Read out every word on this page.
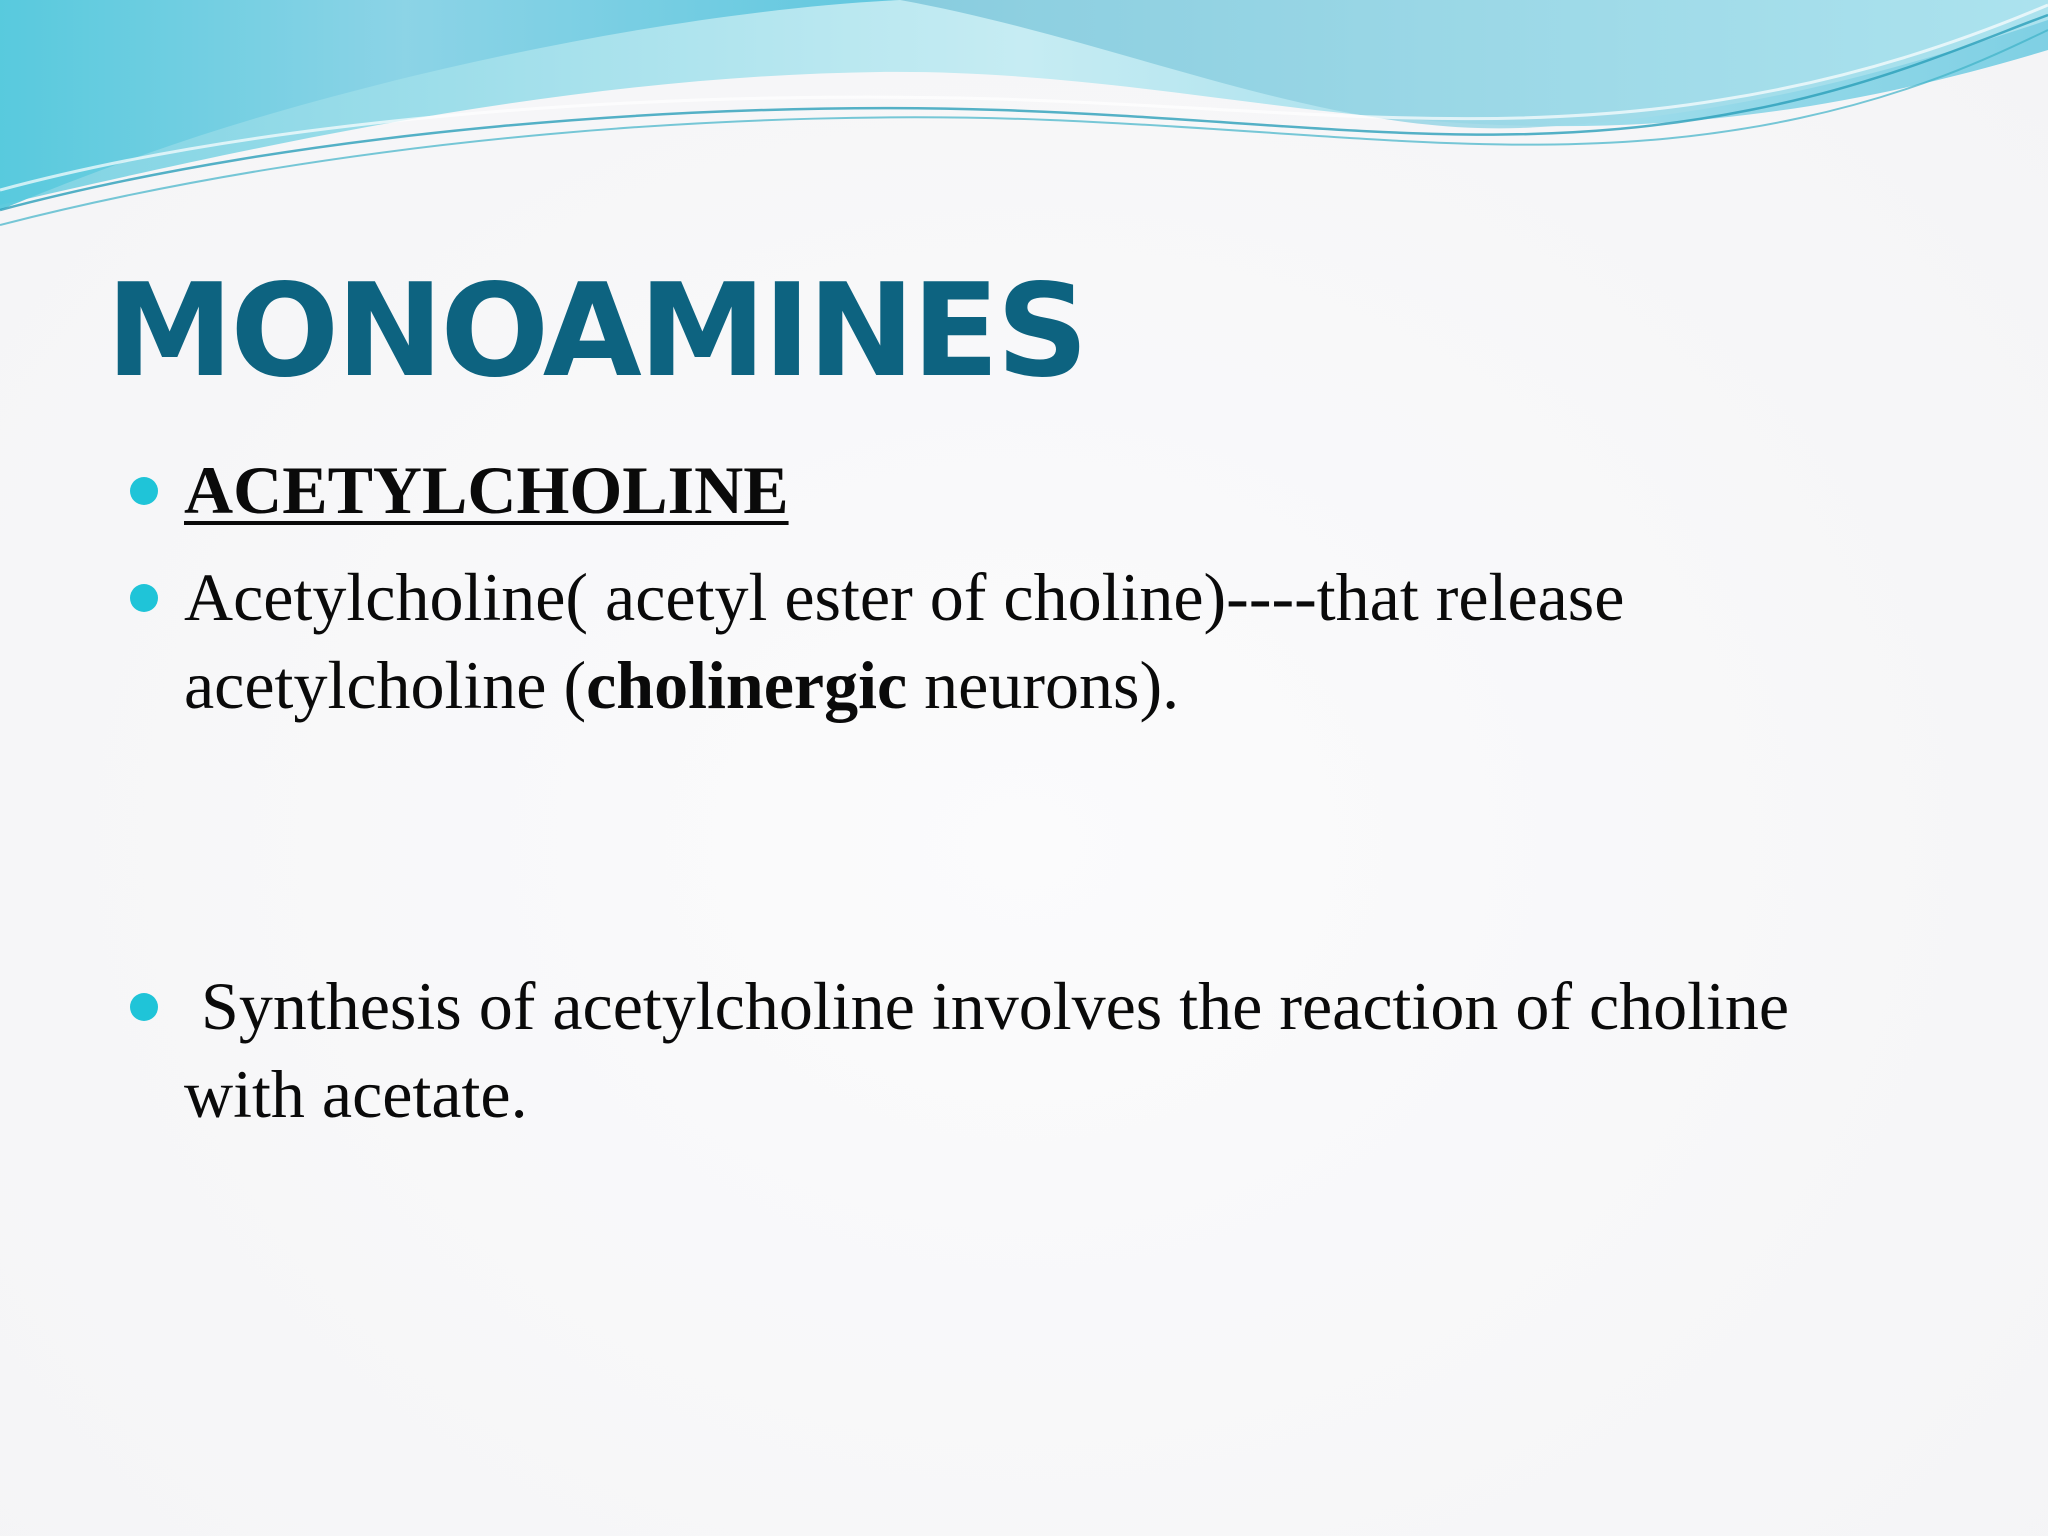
MONOAMINES
ACETYLCHOLINE
Acetylcholine( acetyl ester of choline)----that release acetylcholine (cholinergic neurons).
Synthesis of acetylcholine involves the reaction of choline with acetate.
